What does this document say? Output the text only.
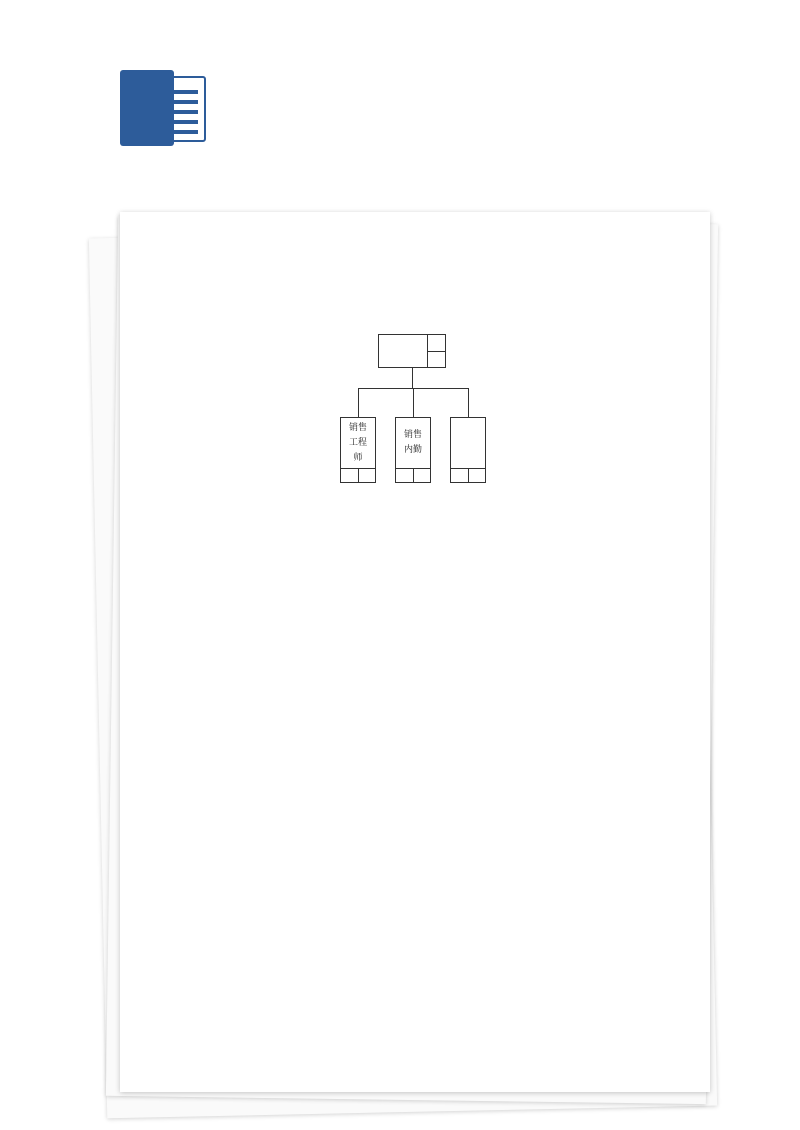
销售
工程
师
销售
内勤
